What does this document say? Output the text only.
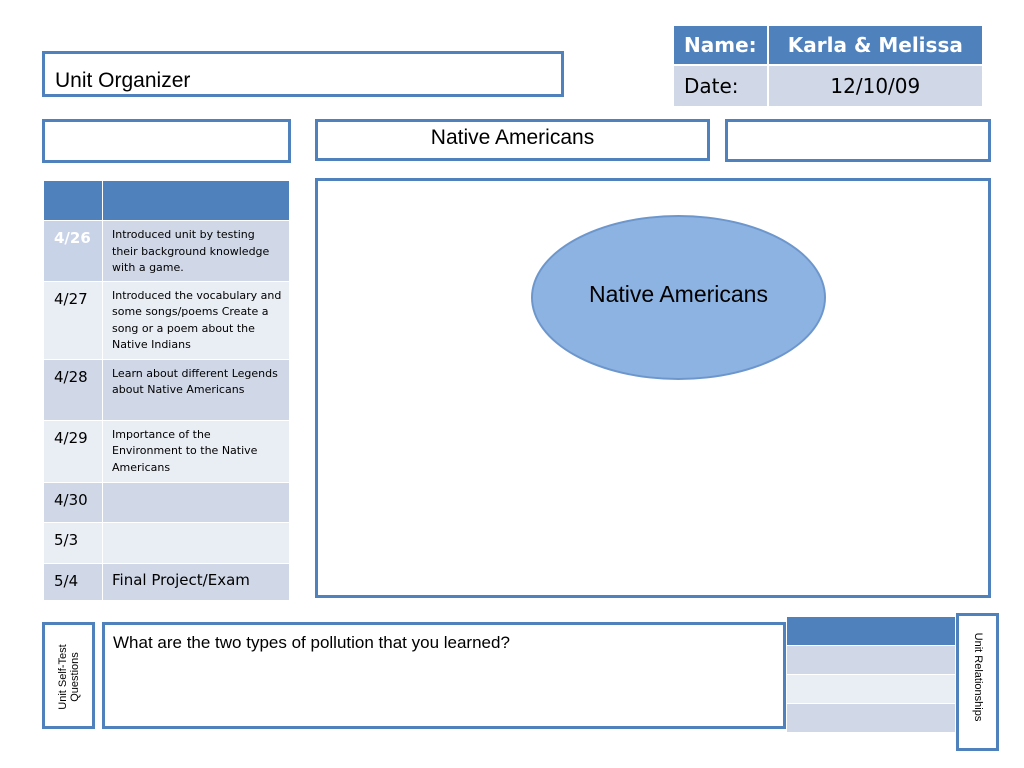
Unit Organizer
Name:	Karla & Melissa
Date:	12/10/09
Native Americans

4/26	Introduced unit by testing their background knowledge with a game.
4/27	Introduced the vocabulary and some songs/poems Create a song or a poem about the Native Indians
4/28	Learn about different Legends about Native Americans
4/29	Importance of the Environment to the Native Americans
4/30	
5/3	
5/4	Final Project/Exam
Native Americans
Unit Self-Test Questions
What are the two types of pollution that you learned?	Unit Relationships
